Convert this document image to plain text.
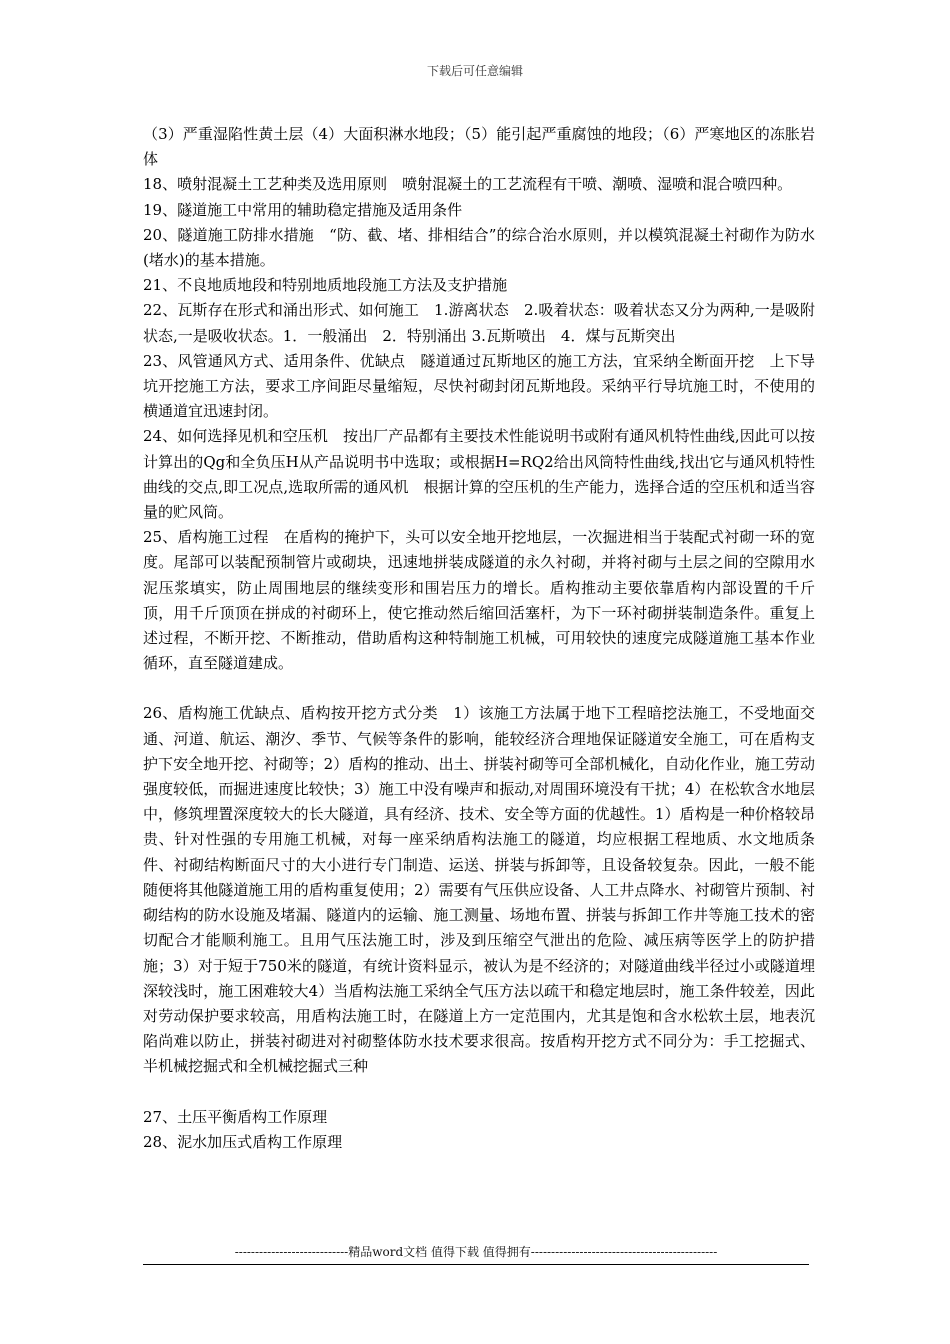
下载后可任意编辑

（3）严重湿陷性黄土层（4）大面积淋水地段；（5）能引起严重腐蚀的地段；（6）严寒地区的冻胀岩体

18、喷射混凝土工艺种类及选用原则　喷射混凝土的工艺流程有干喷、潮喷、湿喷和混合喷四种。

19、隧道施工中常用的辅助稳定措施及适用条件

20、隧道施工防排水措施　“防、截、堵、排相结合”的综合治水原则，并以模筑混凝土衬砌作为防水(堵水)的基本措施。

21、不良地质地段和特别地质地段施工方法及支护措施

22、瓦斯存在形式和涌出形式、如何施工　1.游离状态　2.吸着状态：吸着状态又分为两种,一是吸附状态,一是吸收状态。1．一般涌出　2．特别涌出 3.瓦斯喷出　4．煤与瓦斯突出

23、风管通风方式、适用条件、优缺点　隧道通过瓦斯地区的施工方法，宜采纳全断面开挖　上下导坑开挖施工方法，要求工序间距尽量缩短，尽快衬砌封闭瓦斯地段。采纳平行导坑施工时，不使用的横通道宜迅速封闭。

24、如何选择见机和空压机　按出厂产品都有主要技术性能说明书或附有通风机特性曲线,因此可以按计算出的Qg和全负压H从产品说明书中选取；或根据H=RQ2给出风筒特性曲线,找出它与通风机特性曲线的交点,即工况点,选取所需的通风机　根据计算的空压机的生产能力，选择合适的空压机和适当容量的贮风筒。

25、盾构施工过程　在盾构的掩护下，头可以安全地开挖地层，一次掘进相当于装配式衬砌一环的宽度。尾部可以装配预制管片或砌块，迅速地拼装成隧道的永久衬砌，并将衬砌与土层之间的空隙用水泥压浆填实，防止周围地层的继续变形和围岩压力的增长。盾构推动主要依靠盾构内部设置的千斤顶，用千斤顶顶在拼成的衬砌环上，使它推动然后缩回活塞杆，为下一环衬砌拼装制造条件。重复上述过程，不断开挖、不断推动，借助盾构这种特制施工机械，可用较快的速度完成隧道施工基本作业循环，直至隧道建成。

26、盾构施工优缺点、盾构按开挖方式分类　1）该施工方法属于地下工程暗挖法施工，不受地面交通、河道、航运、潮汐、季节、气候等条件的影响，能较经济合理地保证隧道安全施工，可在盾构支护下安全地开挖、衬砌等；2）盾构的推动、出土、拼装衬砌等可全部机械化，自动化作业，施工劳动强度较低，而掘进速度比较快；3）施工中没有噪声和振动,对周围环境没有干扰；4）在松软含水地层中，修筑埋置深度较大的长大隧道，具有经济、技术、安全等方面的优越性。1）盾构是一种价格较昂贵、针对性强的专用施工机械，对每一座采纳盾构法施工的隧道，均应根据工程地质、水文地质条件、衬砌结构断面尺寸的大小进行专门制造、运送、拼装与拆卸等，且设备较复杂。因此，一般不能随便将其他隧道施工用的盾构重复使用；2）需要有气压供应设备、人工井点降水、衬砌管片预制、衬砌结构的防水设施及堵漏、隧道内的运输、施工测量、场地布置、拼装与拆卸工作井等施工技术的密切配合才能顺利施工。且用气压法施工时，涉及到压缩空气泄出的危险、减压病等医学上的防护措施；3）对于短于750米的隧道，有统计资料显示，被认为是不经济的；对隧道曲线半径过小或隧道埋深较浅时，施工困难较大4）当盾构法施工采纳全气压方法以疏干和稳定地层时，施工条件较差，因此对劳动保护要求较高，用盾构法施工时，在隧道上方一定范围内，尤其是饱和含水松软土层，地表沉陷尚难以防止，拼装衬砌进对衬砌整体防水技术要求很高。按盾构开挖方式不同分为：手工挖掘式、半机械挖掘式和全机械挖掘式三种

27、土压平衡盾构工作原理

28、泥水加压式盾构工作原理

----------------------------精品word文档 值得下载 值得拥有----------------------------------------------
